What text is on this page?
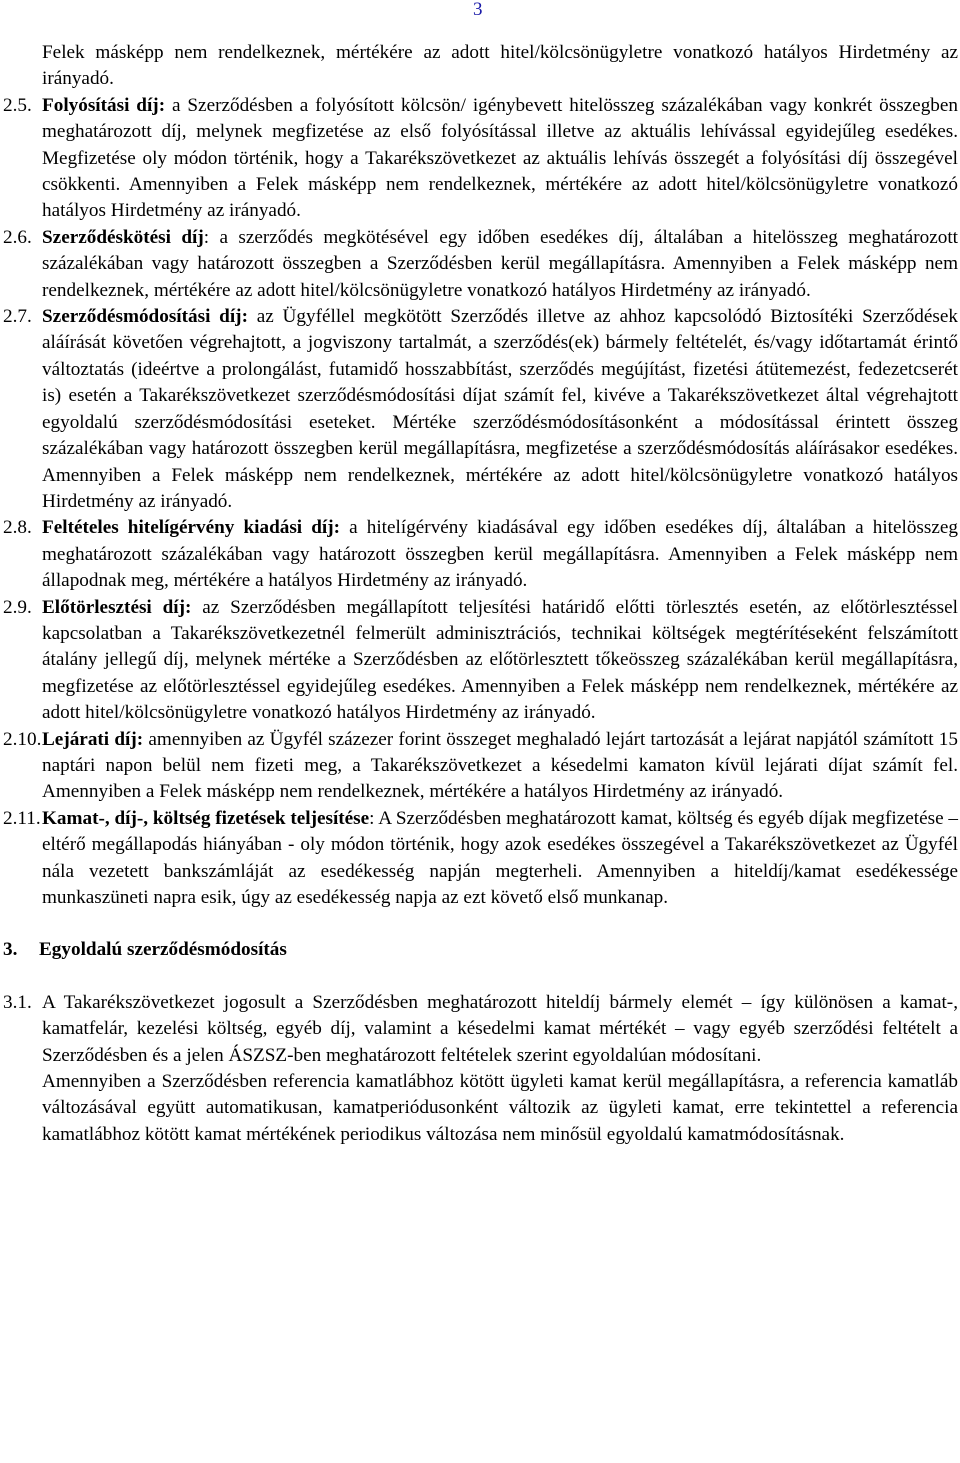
3
Felek másképp nem rendelkeznek, mértékére az adott hitel/kölcsönügyletre vonatkozó hatályos Hirdetmény az irányadó.
2.5. Folyósítási díj: a Szerződésben a folyósított kölcsön/ igénybevett hitelösszeg százalékában vagy konkrét összegben meghatározott díj, melynek megfizetése az első folyósítással illetve az aktuális lehívással egyidejűleg esedékes. Megfizetése oly módon történik, hogy a Takarékszövetkezet az aktuális lehívás összegét a folyósítási díj összegével csökkenti. Amennyiben a Felek másképp nem rendelkeznek, mértékére az adott hitel/kölcsönügyletre vonatkozó hatályos Hirdetmény az irányadó.
2.6. Szerződéskötési díj: a szerződés megkötésével egy időben esedékes díj, általában a hitelösszeg meghatározott százalékában vagy határozott összegben a Szerződésben kerül megállapításra. Amennyiben a Felek másképp nem rendelkeznek, mértékére az adott hitel/kölcsönügyletre vonatkozó hatályos Hirdetmény az irányadó.
2.7. Szerződésmódosítási díj: az Ügyféllel megkötött Szerződés illetve az ahhoz kapcsolódó Biztosítéki Szerződések aláírását követően végrehajtott, a jogviszony tartalmát, a szerződés(ek) bármely feltételét, és/vagy időtartamát érintő változtatás (ideértve a prolongálást, futamidő hosszabbítást, szerződés megújítást, fizetési átütemezést, fedezetcserét is) esetén a Takarékszövetkezet szerződésmódosítási díjat számít fel, kivéve a Takarékszövetkezet által végrehajtott egyoldalú szerződésmódosítási eseteket. Mértéke szerződésmódosításonként a módosítással érintett összeg százalékában vagy határozott összegben kerül megállapításra, megfizetése a szerződésmódosítás aláírásakor esedékes. Amennyiben a Felek másképp nem rendelkeznek, mértékére az adott hitel/kölcsönügyletre vonatkozó hatályos Hirdetmény az irányadó.
2.8. Feltételes hitelígérvény kiadási díj: a hitelígérvény kiadásával egy időben esedékes díj, általában a hitelösszeg meghatározott százalékában vagy határozott összegben kerül megállapításra. Amennyiben a Felek másképp nem állapodnak meg, mértékére a hatályos Hirdetmény az irányadó.
2.9. Előtörlesztési díj: az Szerződésben megállapított teljesítési határidő előtti törlesztés esetén, az előtörlesztéssel kapcsolatban a Takarékszövetkezetnél felmerült adminisztrációs, technikai költségek megtérítéseként felszámított átalány jellegű díj, melynek mértéke a Szerződésben az előtörlesztett tőkeösszeg százalékában kerül megállapításra, megfizetése az előtörlesztéssel egyidejűleg esedékes. Amennyiben a Felek másképp nem rendelkeznek, mértékére az adott hitel/kölcsönügyletre vonatkozó hatályos Hirdetmény az irányadó.
2.10. Lejárati díj: amennyiben az Ügyfél százezer forint összeget meghaladó lejárt tartozását a lejárat napjától számított 15 naptári napon belül nem fizeti meg, a Takarékszövetkezet a késedelmi kamaton kívül lejárati díjat számít fel. Amennyiben a Felek másképp nem rendelkeznek, mértékére a hatályos Hirdetmény az irányadó.
2.11. Kamat-, díj-, költség fizetések teljesítése: A Szerződésben meghatározott kamat, költség és egyéb díjak megfizetése – eltérő megállapodás hiányában - oly módon történik, hogy azok esedékes összegével a Takarékszövetkezet az Ügyfél nála vezetett bankszámláját az esedékesség napján megterheli. Amennyiben a hiteldíj/kamat esedékessége munkaszüneti napra esik, úgy az esedékesség napja az ezt követő első munkanap.
3. Egyoldalú szerződésmódosítás
3.1. A Takarékszövetkezet jogosult a Szerződésben meghatározott hiteldíj bármely elemét – így különösen a kamat-, kamatfelár, kezelési költség, egyéb díj, valamint a késedelmi kamat mértékét – vagy egyéb szerződési feltételt a Szerződésben és a jelen ÁSZSZ-ben meghatározott feltételek szerint egyoldalúan módosítani.
Amennyiben a Szerződésben referencia kamatlábhoz kötött ügyleti kamat kerül megállapításra, a referencia kamatláb változásával együtt automatikusan, kamatperiódusonként változik az ügyleti kamat, erre tekintettel a referencia kamatlábhoz kötött kamat mértékének periodikus változása nem minősül egyoldalú kamatmódosításnak.
